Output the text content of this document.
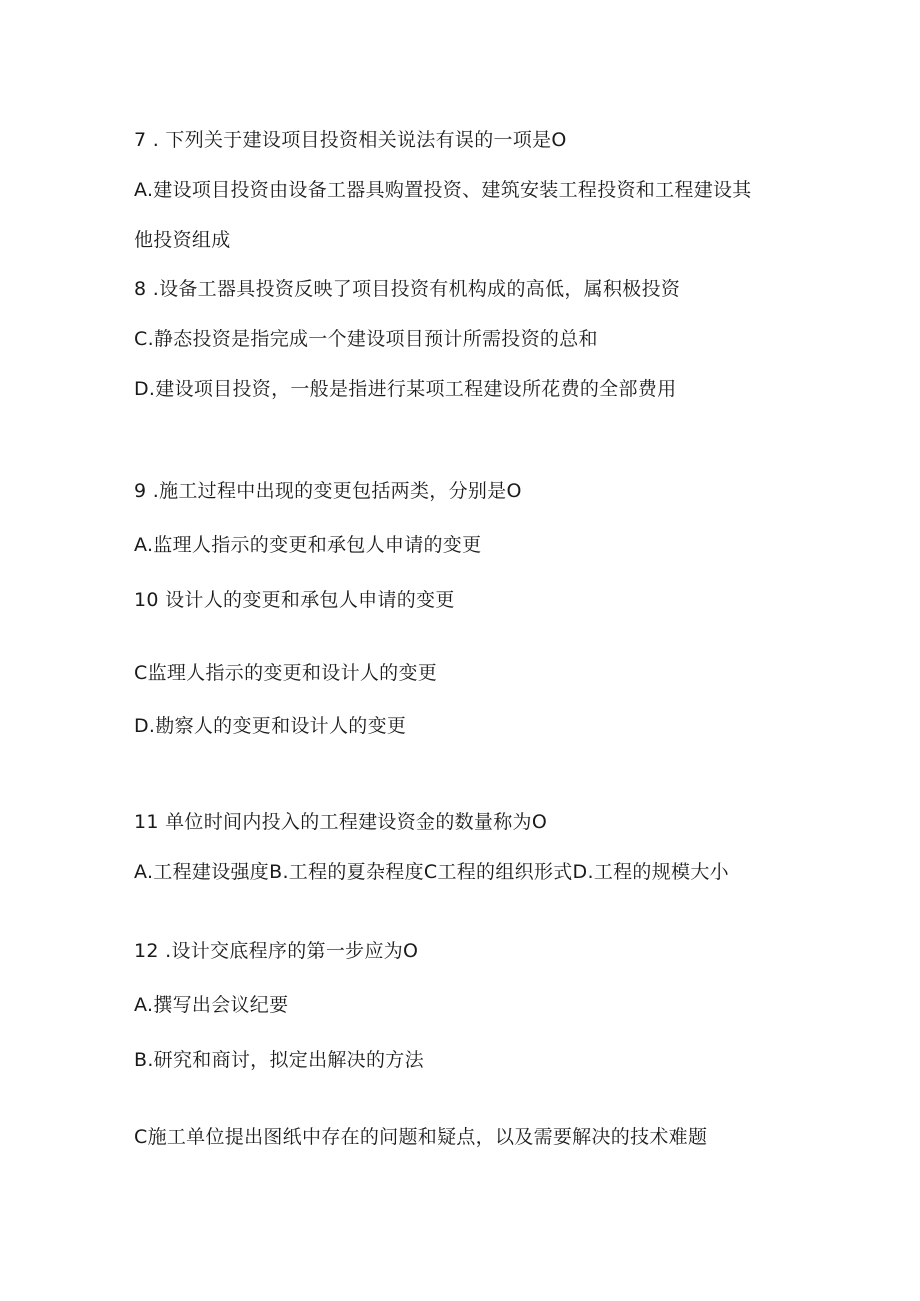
7 . 下列关于建设项目投资相关说法有误的一项是O
A.建设项目投资由设备工器具购置投资、建筑安装工程投资和工程建设其
他投资组成
8 .设备工器具投资反映了项目投资有机构成的高低，属积极投资
C.静态投资是指完成一个建设项目预计所需投资的总和
D.建设项目投资，一般是指进行某项工程建设所花费的全部费用
9 .施工过程中出现的变更包括两类，分别是O
A.监理人指示的变更和承包人申请的变更
10 设计人的变更和承包人申请的变更
C监理人指示的变更和设计人的变更
D.勘察人的变更和设计人的变更
11 单位时间内投入的工程建设资金的数量称为O
A.工程建设强度B.工程的夏杂程度C工程的组织形式D.工程的规模大小
12 .设计交底程序的第一步应为O
A.撰写出会议纪要
B.研究和商讨，拟定出解决的方法
C施工单位提出图纸中存在的问题和疑点，以及需要解决的技术难题
